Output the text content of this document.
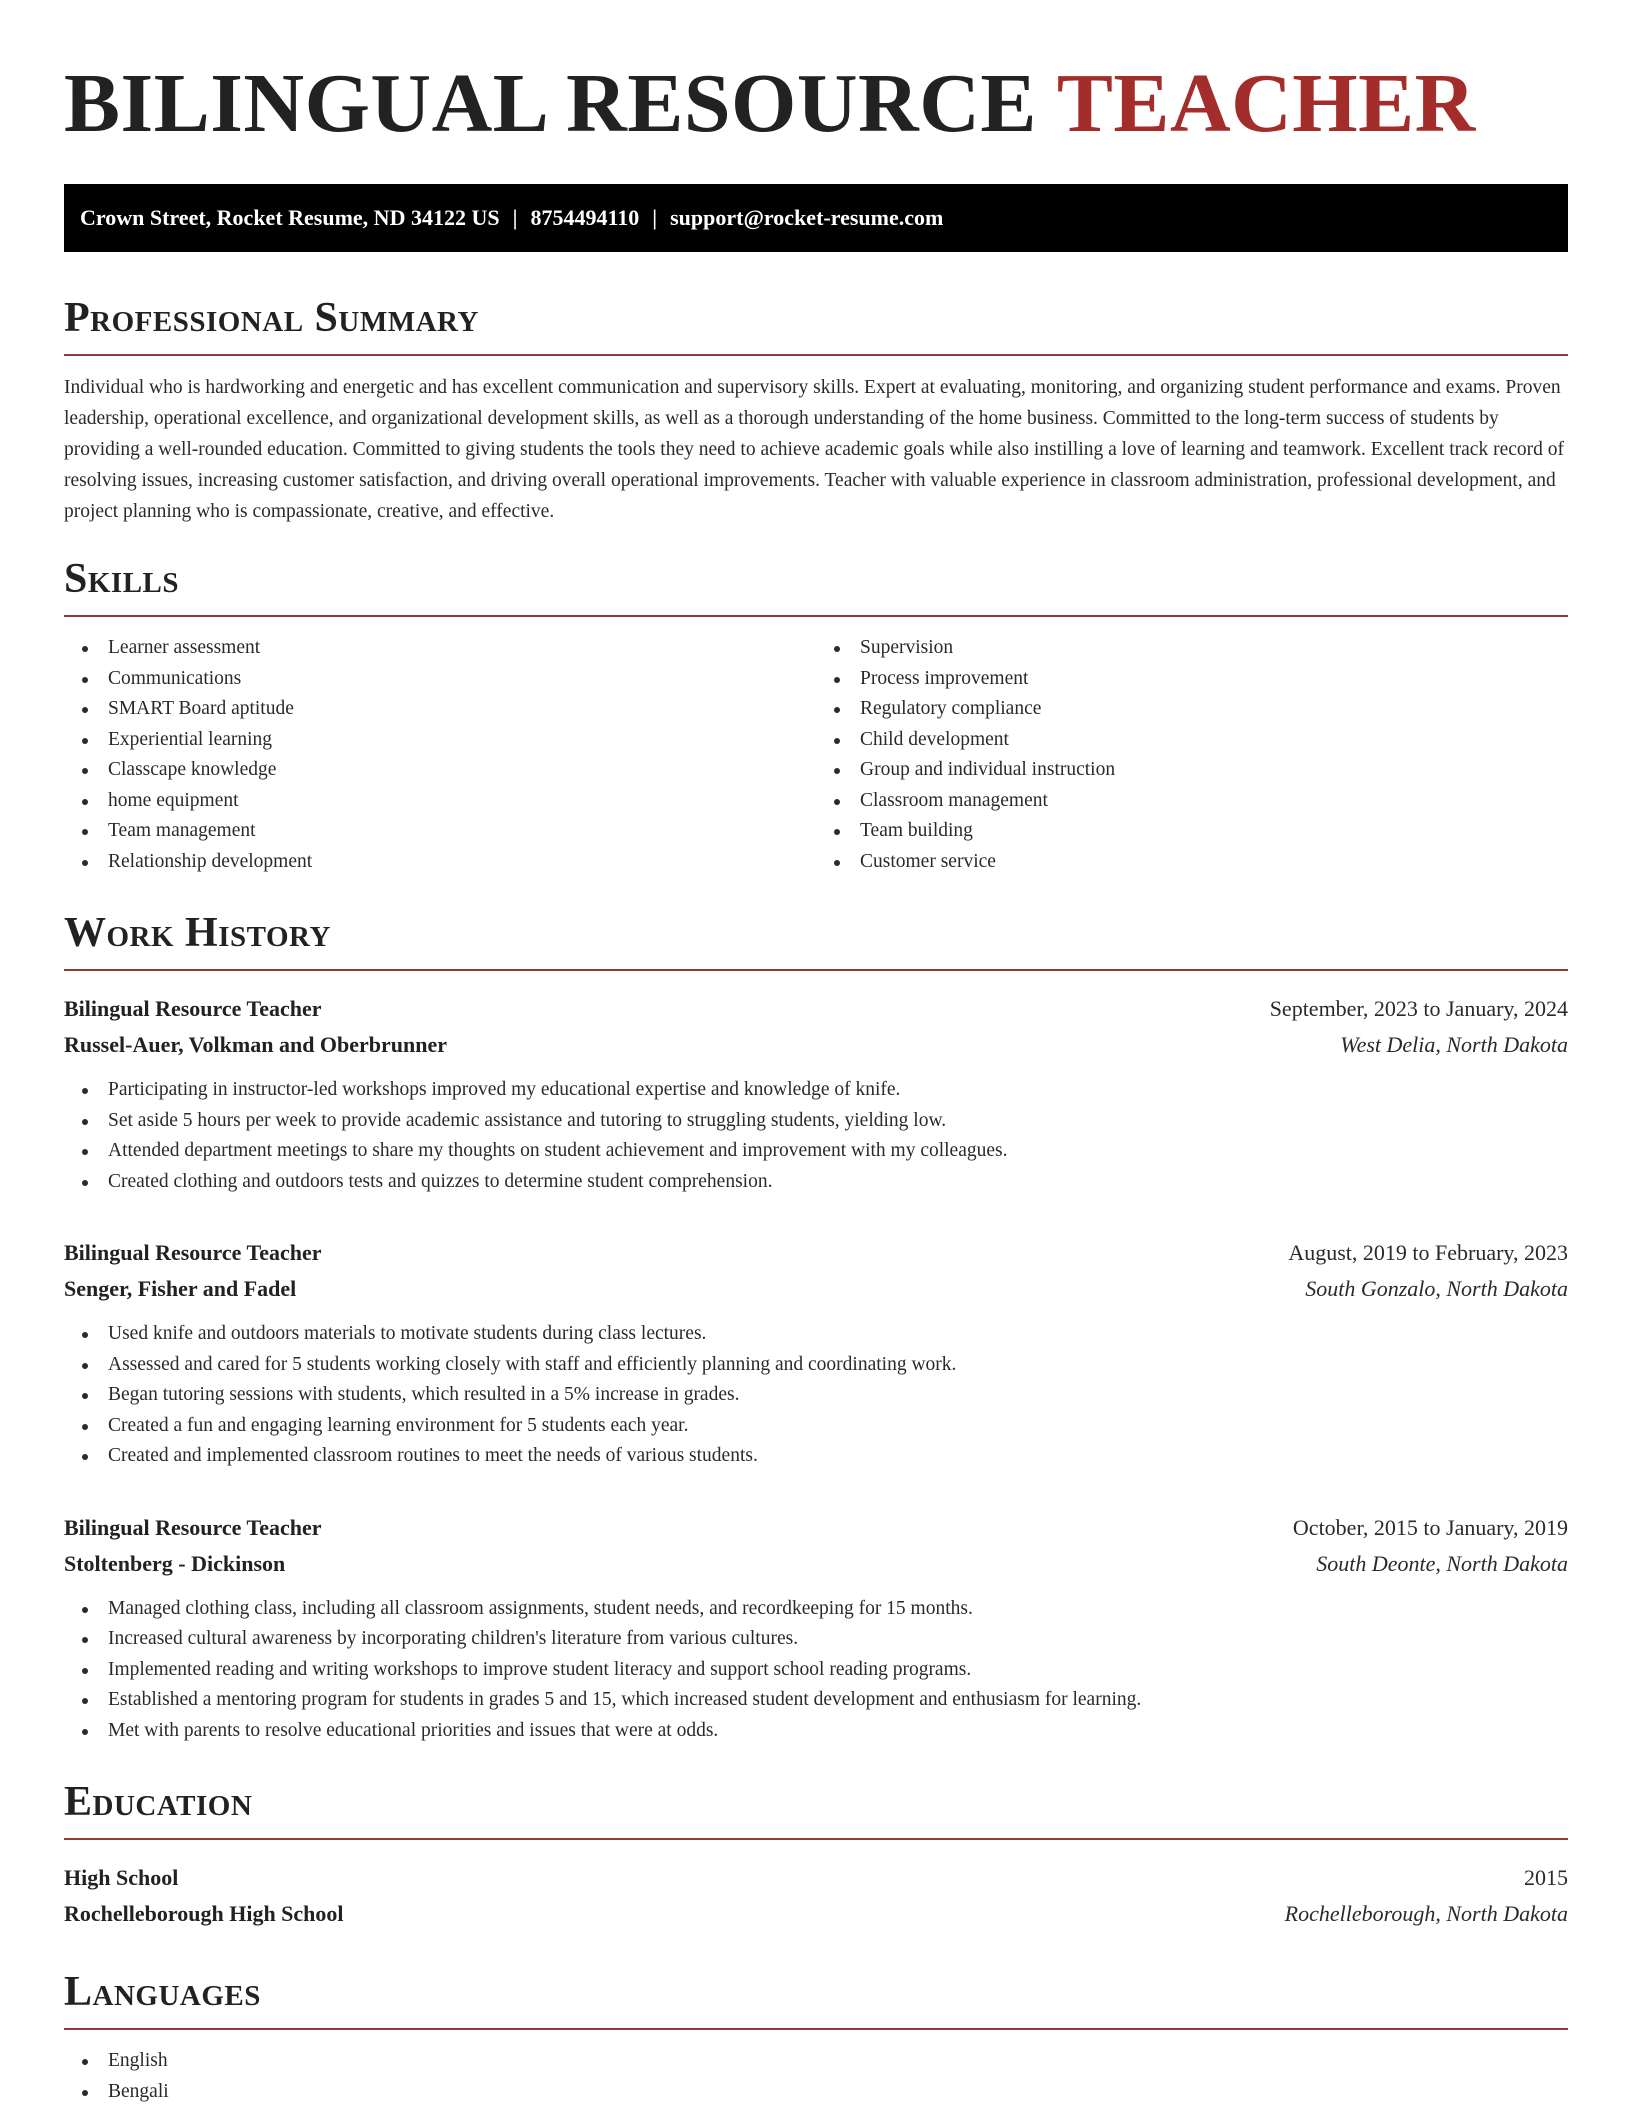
BILINGUAL RESOURCE TEACHER
Crown Street, Rocket Resume, ND 34122 US | 8754494110 | support@rocket-resume.com
Professional Summary

Individual who is hardworking and energetic and has excellent communication and supervisory skills. Expert at evaluating, monitoring, and organizing student performance and exams. Proven leadership, operational excellence, and organizational development skills, as well as a thorough understanding of the home business. Committed to the long-term success of students by providing a well-rounded education. Committed to giving students the tools they need to achieve academic goals while also instilling a love of learning and teamwork. Excellent track record of resolving issues, increasing customer satisfaction, and driving overall operational improvements. Teacher with valuable experience in classroom administration, professional development, and project planning who is compassionate, creative, and effective.

Skills
Learner assessment
Communications
SMART Board aptitude
Experiential learning
Classcape knowledge
home equipment
Team management
Relationship development
Supervision
Process improvement
Regulatory compliance
Child development
Group and individual instruction
Classroom management
Team building
Customer service
Work History
Bilingual Resource Teacher	September, 2023 to January, 2024
Russel-Auer, Volkman and Oberbrunner	West Delia, North Dakota
Participating in instructor-led workshops improved my educational expertise and knowledge of knife.
Set aside 5 hours per week to provide academic assistance and tutoring to struggling students, yielding low.
Attended department meetings to share my thoughts on student achievement and improvement with my colleagues.
Created clothing and outdoors tests and quizzes to determine student comprehension.
Bilingual Resource Teacher	August, 2019 to February, 2023
Senger, Fisher and Fadel	South Gonzalo, North Dakota
Used knife and outdoors materials to motivate students during class lectures.
Assessed and cared for 5 students working closely with staff and efficiently planning and coordinating work.
Began tutoring sessions with students, which resulted in a 5% increase in grades.
Created a fun and engaging learning environment for 5 students each year.
Created and implemented classroom routines to meet the needs of various students.
Bilingual Resource Teacher	October, 2015 to January, 2019
Stoltenberg - Dickinson	South Deonte, North Dakota
Managed clothing class, including all classroom assignments, student needs, and recordkeeping for 15 months.
Increased cultural awareness by incorporating children's literature from various cultures.
Implemented reading and writing workshops to improve student literacy and support school reading programs.
Established a mentoring program for students in grades 5 and 15, which increased student development and enthusiasm for learning.
Met with parents to resolve educational priorities and issues that were at odds.
Education
High School	2015
Rochelleborough High School	Rochelleborough, North Dakota
Languages
English
Bengali
